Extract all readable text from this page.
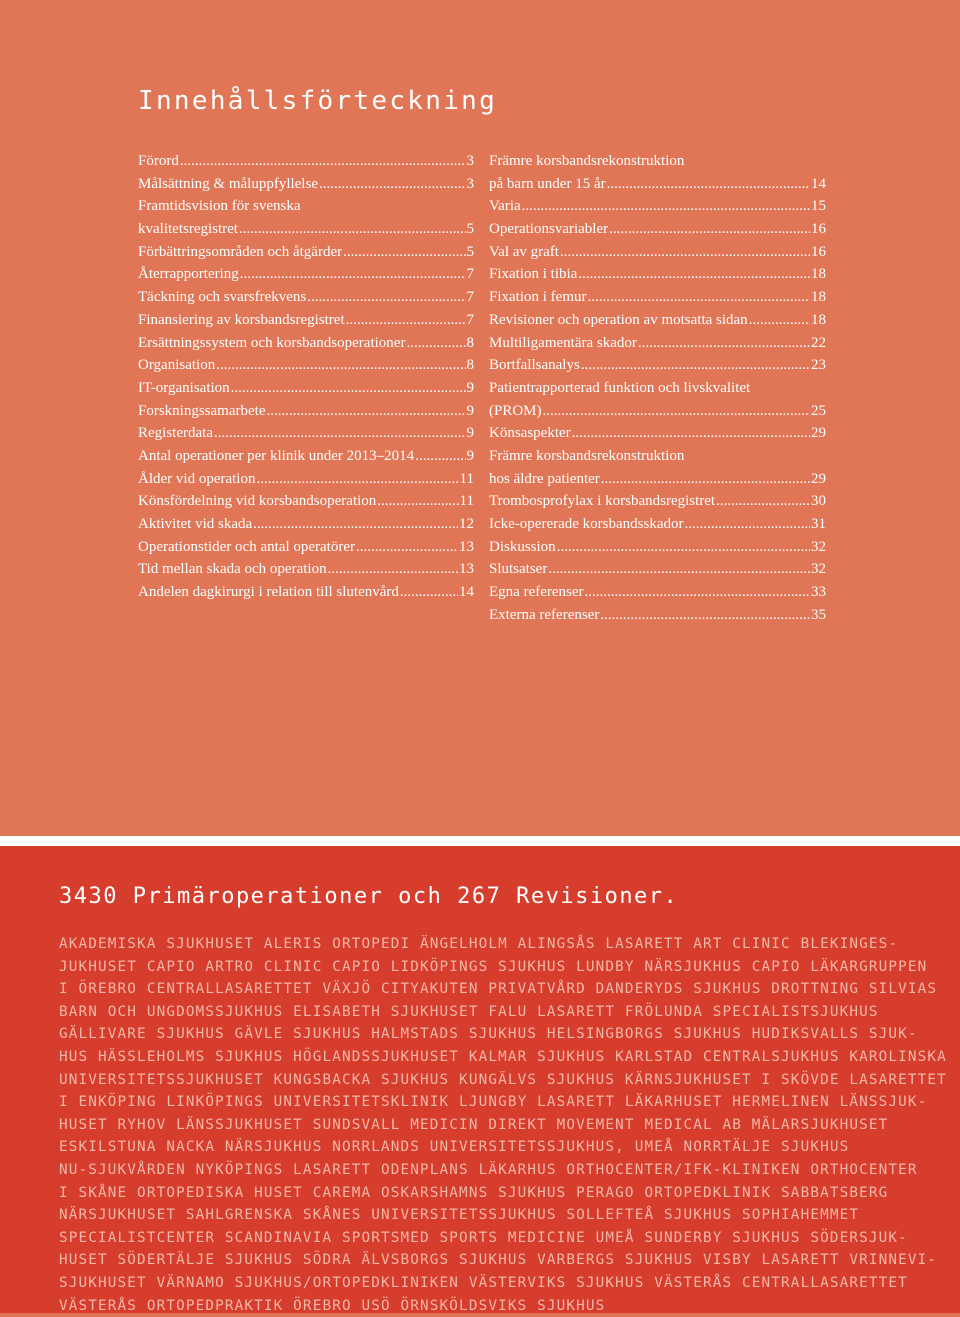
Innehållsförteckning
Förord .....	3
Målsättning & måluppfyllelse .....	3
Framtidsvision för svenska
kvalitetsregistret .....	5
Förbättringsområden och åtgärder .....	5
Återrapportering .....	7
Täckning och svarsfrekvens .....	7
Finansiering av korsbandsregistret .....	7
Ersättningssystem och korsbandsoperationer .....	8
Organisation .....	8
IT-organisation .....	9
Forskningssamarbete .....	9
Registerdata .....	9
Antal operationer per klinik under 2013–2014 .....	9
Ålder vid operation .....	11
Könsfördelning vid korsbandsoperation .....	11
Aktivitet vid skada .....	12
Operationstider och antal operatörer .....	13
Tid mellan skada och operation .....	13
Andelen dagkirurgi i relation till slutenvård .....	14
Främre korsbandsrekonstruktion
på barn under 15 år .....	14
Varia .....	15
Operationsvariabler .....	16
Val av graft .....	16
Fixation i tibia .....	18
Fixation i femur .....	18
Revisioner och operation av motsatta sidan .....	18
Multiligamentära skador .....	22
Bortfallsanalys .....	23
Patientrapporterad funktion och livskvalitet
(PROM) .....	25
Könsaspekter .....	29
Främre korsbandsrekonstruktion
hos äldre patienter .....	29
Trombosprofylax i korsbandsregistret .....	30
Icke-opererade korsbandsskador .....	31
Diskussion .....	32
Slutsatser .....	32
Egna referenser .....	33
Externa referenser .....	35
3430 Primäroperationer och 267 Revisioner.
AKADEMISKA SJUKHUSET ALERIS ORTOPEDI ÄNGELHOLM ALINGSÅS LASARETT ART CLINIC BLEKINGES-
JUKHUSET CAPIO ARTRO CLINIC CAPIO LIDKÖPINGS SJUKHUS LUNDBY NÄRSJUKHUS CAPIO LÄKARGRUPPEN
I ÖREBRO CENTRALLASARETTET VÄXJÖ CITYAKUTEN PRIVATVÅRD DANDERYDS SJUKHUS DROTTNING SILVIAS
BARN OCH UNGDOMSSJUKHUS ELISABETH SJUKHUSET FALU LASARETT FRÖLUNDA SPECIALISTSJUKHUS
GÄLLIVARE SJUKHUS GÄVLE SJUKHUS HALMSTADS SJUKHUS HELSINGBORGS SJUKHUS HUDIKSVALLS SJUK-
HUS HÄSSLEHOLMS SJUKHUS HÖGLANDSSJUKHUSET KALMAR SJUKHUS KARLSTAD CENTRALSJUKHUS KAROLINSKA
UNIVERSITETSSJUKHUSET KUNGSBACKA SJUKHUS KUNGÄLVS SJUKHUS KÄRNSJUKHUSET I SKÖVDE LASARETTET
I ENKÖPING LINKÖPINGS UNIVERSITETSKLINIK LJUNGBY LASARETT LÄKARHUSET HERMELINEN LÄNSSJUK-
HUSET RYHOV LÄNSSJUKHUSET SUNDSVALL MEDICIN DIREKT MOVEMENT MEDICAL AB MÄLARSJUKHUSET
ESKILSTUNA NACKA NÄRSJUKHUS NORRLANDS UNIVERSITETSSJUKHUS, UMEÅ NORRTÄLJE SJUKHUS
NU-SJUKVÅRDEN NYKÖPINGS LASARETT ODENPLANS LÄKARHUS ORTHOCENTER/IFK-KLINIKEN ORTHOCENTER
I SKÅNE ORTOPEDISKA HUSET CAREMA OSKARSHAMNS SJUKHUS PERAGO ORTOPEDKLINIK SABBATSBERG
NÄRSJUKHUSET SAHLGRENSKA SKÅNES UNIVERSITETSSJUKHUS SOLLEFTEÅ SJUKHUS SOPHIAHEMMET
SPECIALISTCENTER SCANDINAVIA SPORTSMED SPORTS MEDICINE UMEÅ SUNDERBY SJUKHUS SÖDERSJUK-
HUSET SÖDERTÄLJE SJUKHUS SÖDRA ÄLVSBORGS SJUKHUS VARBERGS SJUKHUS VISBY LASARETT VRINNEVI-
SJUKHUSET VÄRNAMO SJUKHUS/ORTOPEDKLINIKEN VÄSTERVIKS SJUKHUS VÄSTERÅS CENTRALLASARETTET
VÄSTERÅS ORTOPEDPRAKTIK ÖREBRO USÖ ÖRNSKÖLDSVIKS SJUKHUS
